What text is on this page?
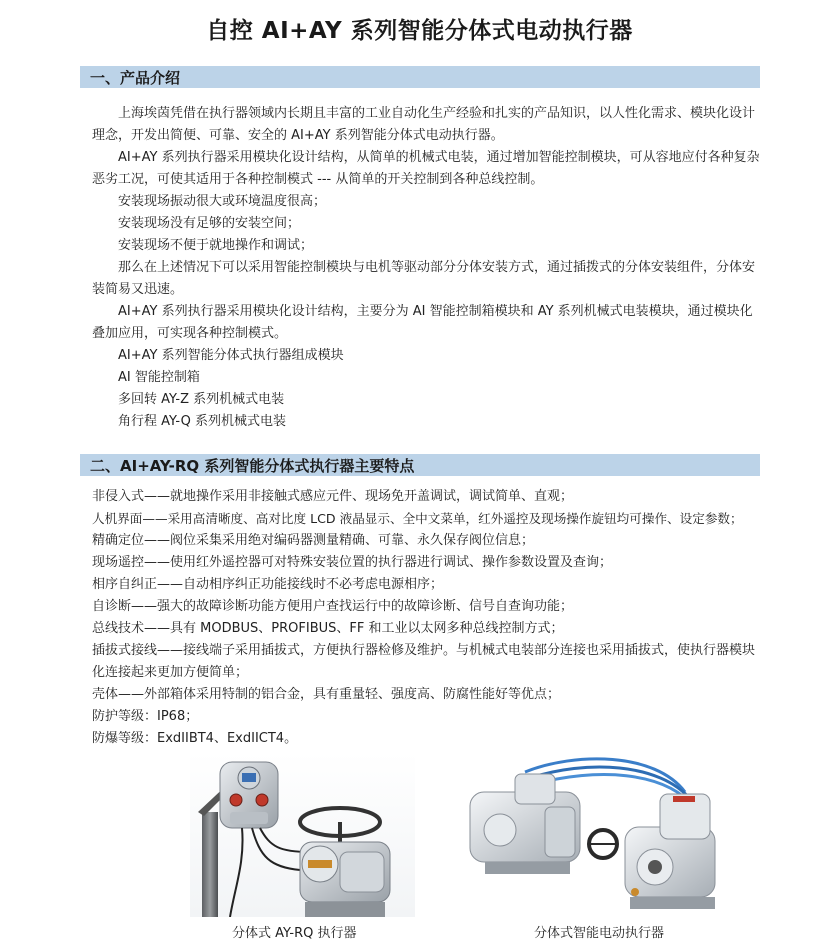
自控 AI+AY 系列智能分体式电动执行器
一、产品介绍

上海埃茵凭借在执行器领域内长期且丰富的工业自动化生产经验和扎实的产品知识，以人性化需求、模块化设计理念，开发出简便、可靠、安全的 AI+AY 系列智能分体式电动执行器。

AI+AY 系列执行器采用模块化设计结构，从简单的机械式电装，通过增加智能控制模块，可从容地应付各种复杂恶劣工况，可使其适用于各种控制模式 --- 从简单的开关控制到各种总线控制。

安装现场振动很大或环境温度很高；
安装现场没有足够的安装空间；
安装现场不便于就地操作和调试；

那么在上述情况下可以采用智能控制模块与电机等驱动部分分体安装方式，通过插拨式的分体安装组件，分体安装简易又迅速。

AI+AY 系列执行器采用模块化设计结构，主要分为 AI 智能控制箱模块和 AY 系列机械式电装模块，通过模块化叠加应用，可实现各种控制模式。

AI+AY 系列智能分体式执行器组成模块
AI 智能控制箱
多回转 AY-Z 系列机械式电装
角行程 AY-Q 系列机械式电装
二、AI+AY-RQ 系列智能分体式执行器主要特点
非侵入式——就地操作采用非接触式感应元件、现场免开盖调试，调试简单、直观；
人机界面——采用高清晰度、高对比度 LCD 液晶显示、全中文菜单，红外遥控及现场操作旋钮均可操作、设定参数；
精确定位——阀位采集采用绝对编码器测量精确、可靠、永久保存阀位信息；
现场遥控——使用红外遥控器可对特殊安装位置的执行器进行调试、操作参数设置及查询；
相序自纠正——自动相序纠正功能接线时不必考虑电源相序；
自诊断——强大的故障诊断功能方便用户查找运行中的故障诊断、信号自查询功能；
总线技术——具有 MODBUS、PROFIBUS、FF 和工业以太网多种总线控制方式；

插拔式接线——接线端子采用插拔式，方便执行器检修及维护。与机械式电装部分连接也采用插拔式，使执行器模块化连接起来更加方便简单；

壳体——外部箱体采用特制的铝合金，具有重量轻、强度高、防腐性能好等优点；
防护等级：IP68；
防爆等级：ExdIIBT4、ExdIICT4。
分体式 AY-RQ 执行器	分体式智能电动执行器
